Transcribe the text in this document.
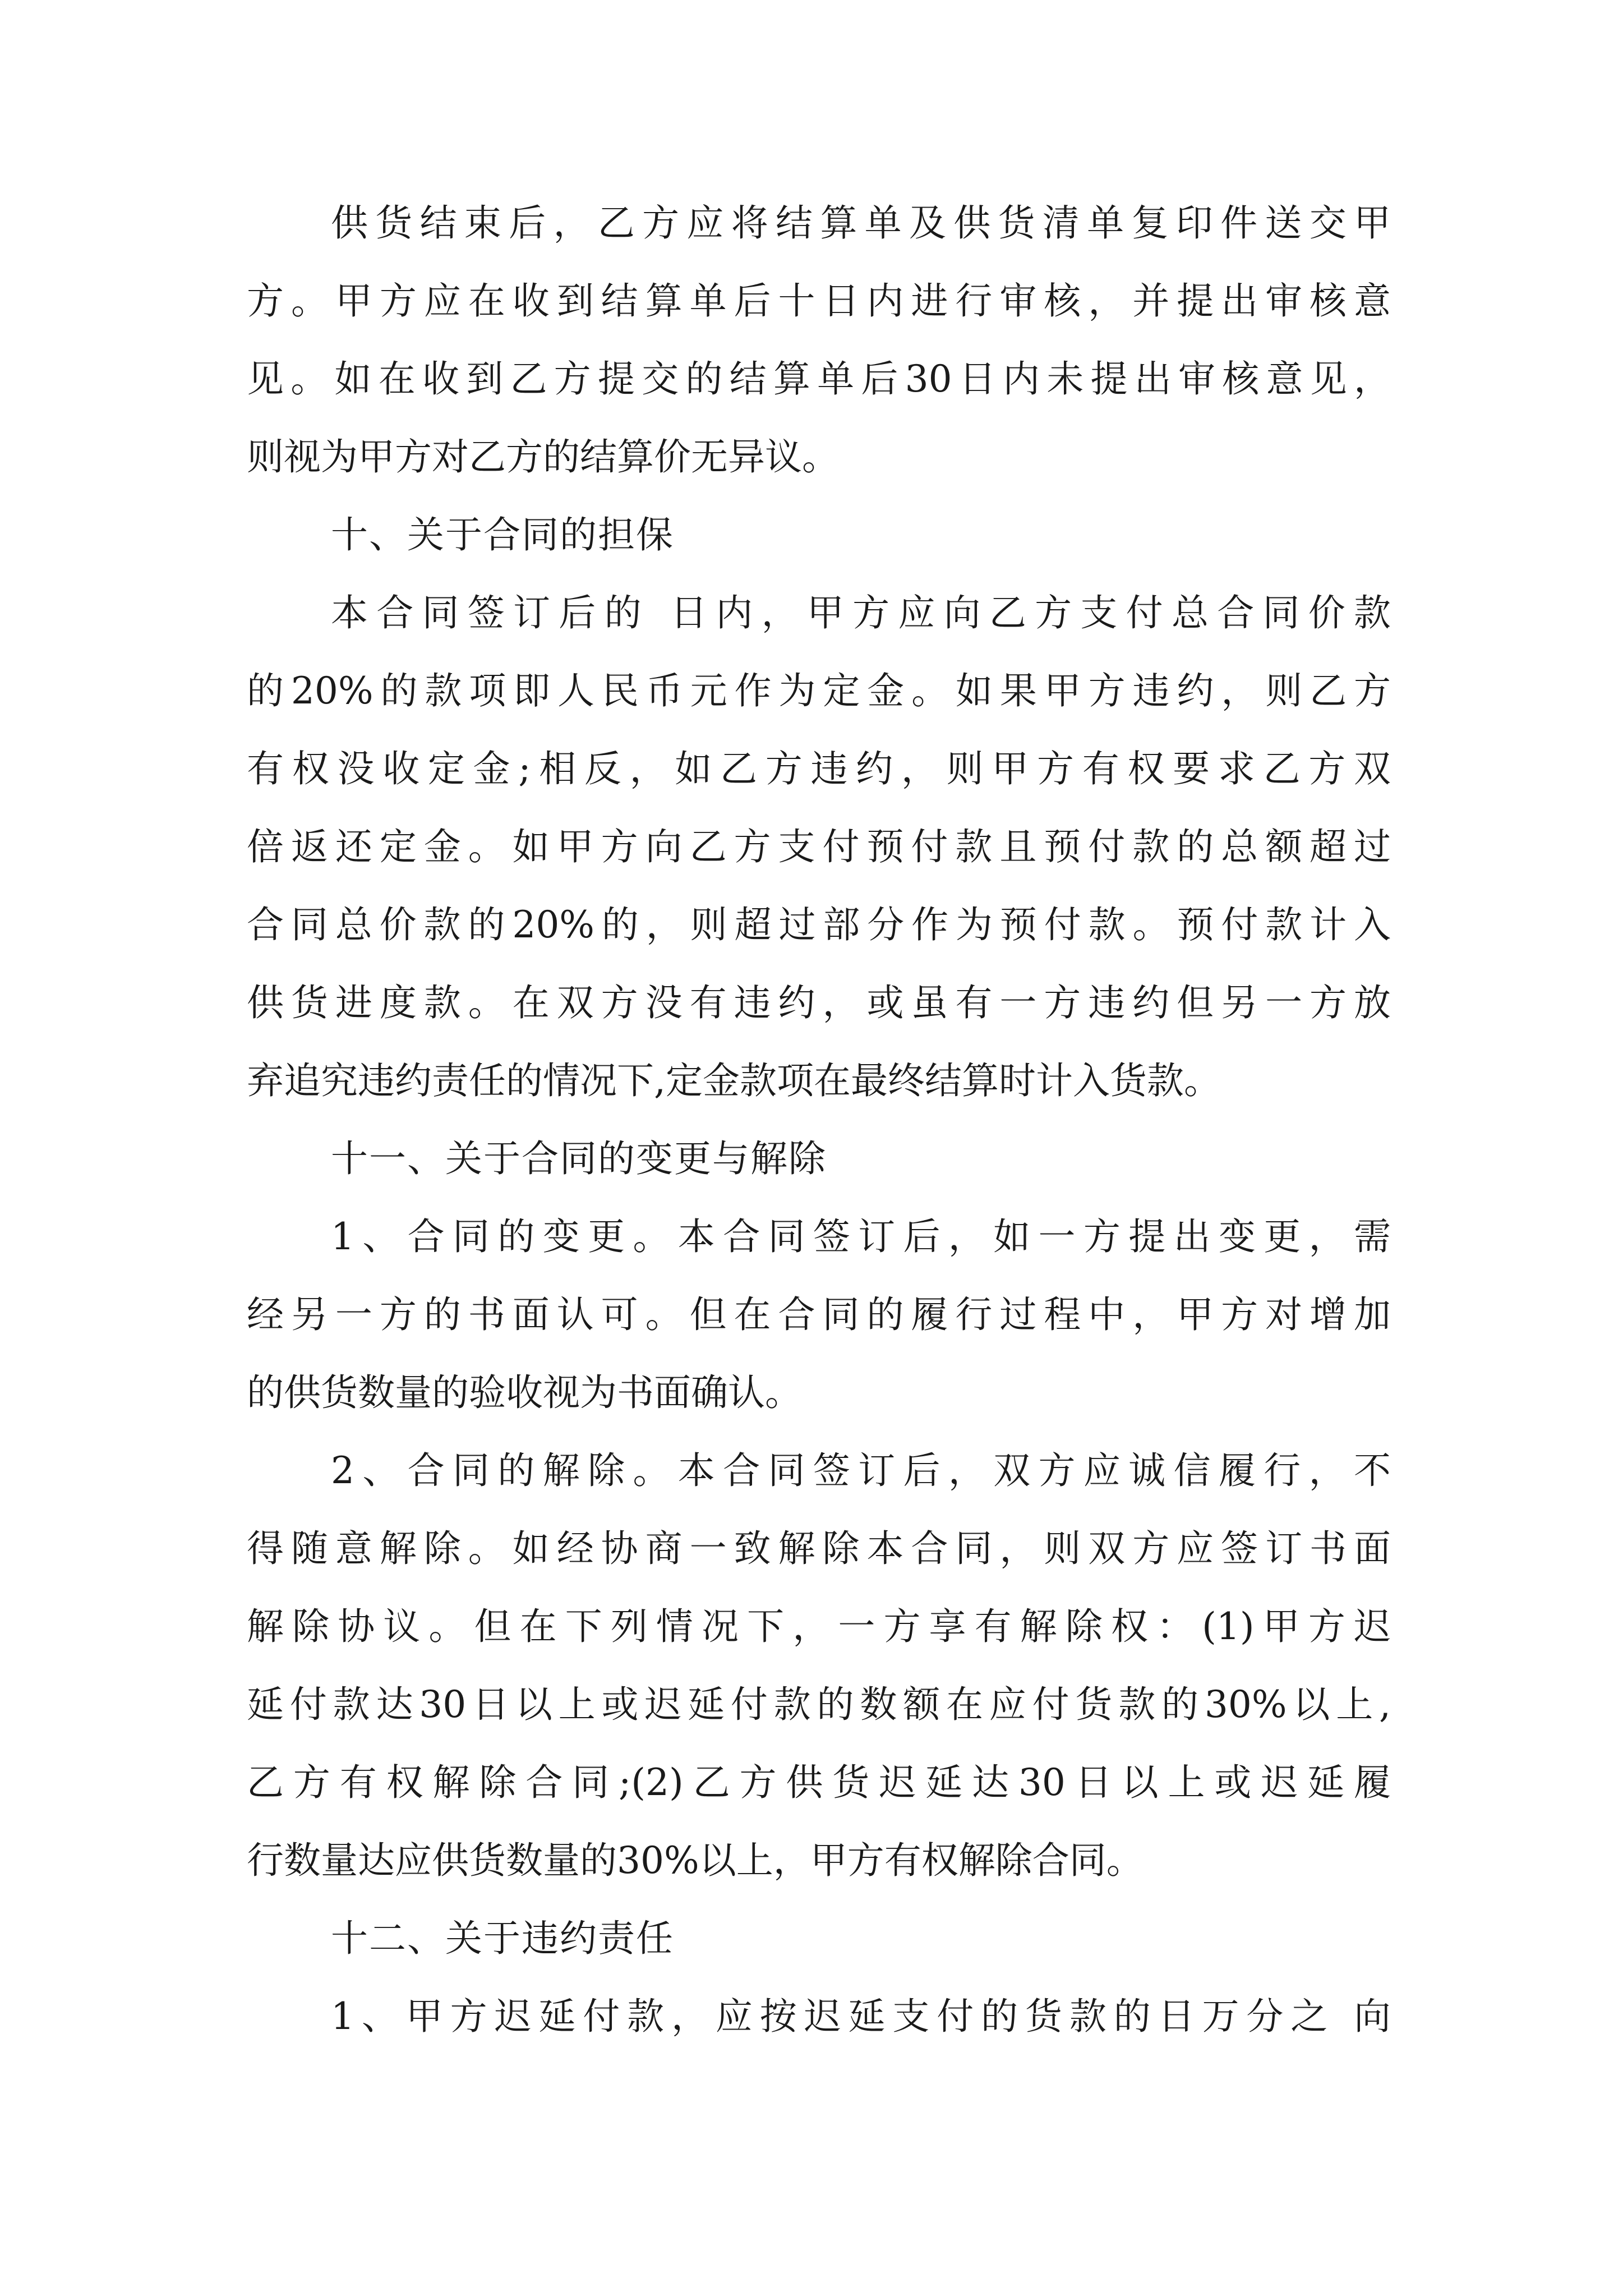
供货结束后，乙方应将结算单及供货清单复印件送交甲
方。甲方应在收到结算单后十日内进行审核，并提出审核意
见。如在收到乙方提交的结算单后30日内未提出审核意见，
则视为甲方对乙方的结算价无异议。
十、关于合同的担保
本合同签订后的 日内，甲方应向乙方支付总合同价款
的20%的款项即人民币元作为定金。如果甲方违约，则乙方
有权没收定金;相反，如乙方违约，则甲方有权要求乙方双
倍返还定金。如甲方向乙方支付预付款且预付款的总额超过
合同总价款的20%的，则超过部分作为预付款。预付款计入
供货进度款。在双方没有违约，或虽有一方违约但另一方放
弃追究违约责任的情况下,定金款项在最终结算时计入货款。
十一、关于合同的变更与解除
1、合同的变更。本合同签订后，如一方提出变更，需
经另一方的书面认可。但在合同的履行过程中，甲方对增加
的供货数量的验收视为书面确认。
2、合同的解除。本合同签订后，双方应诚信履行，不
得随意解除。如经协商一致解除本合同，则双方应签订书面
解除协议。但在下列情况下，一方享有解除权：(1)甲方迟
延付款达30日以上或迟延付款的数额在应付货款的30%以上,
乙方有权解除合同;(2)乙方供货迟延达30日以上或迟延履
行数量达应供货数量的30%以上，甲方有权解除合同。
十二、关于违约责任
1、甲方迟延付款，应按迟延支付的货款的日万分之 向
